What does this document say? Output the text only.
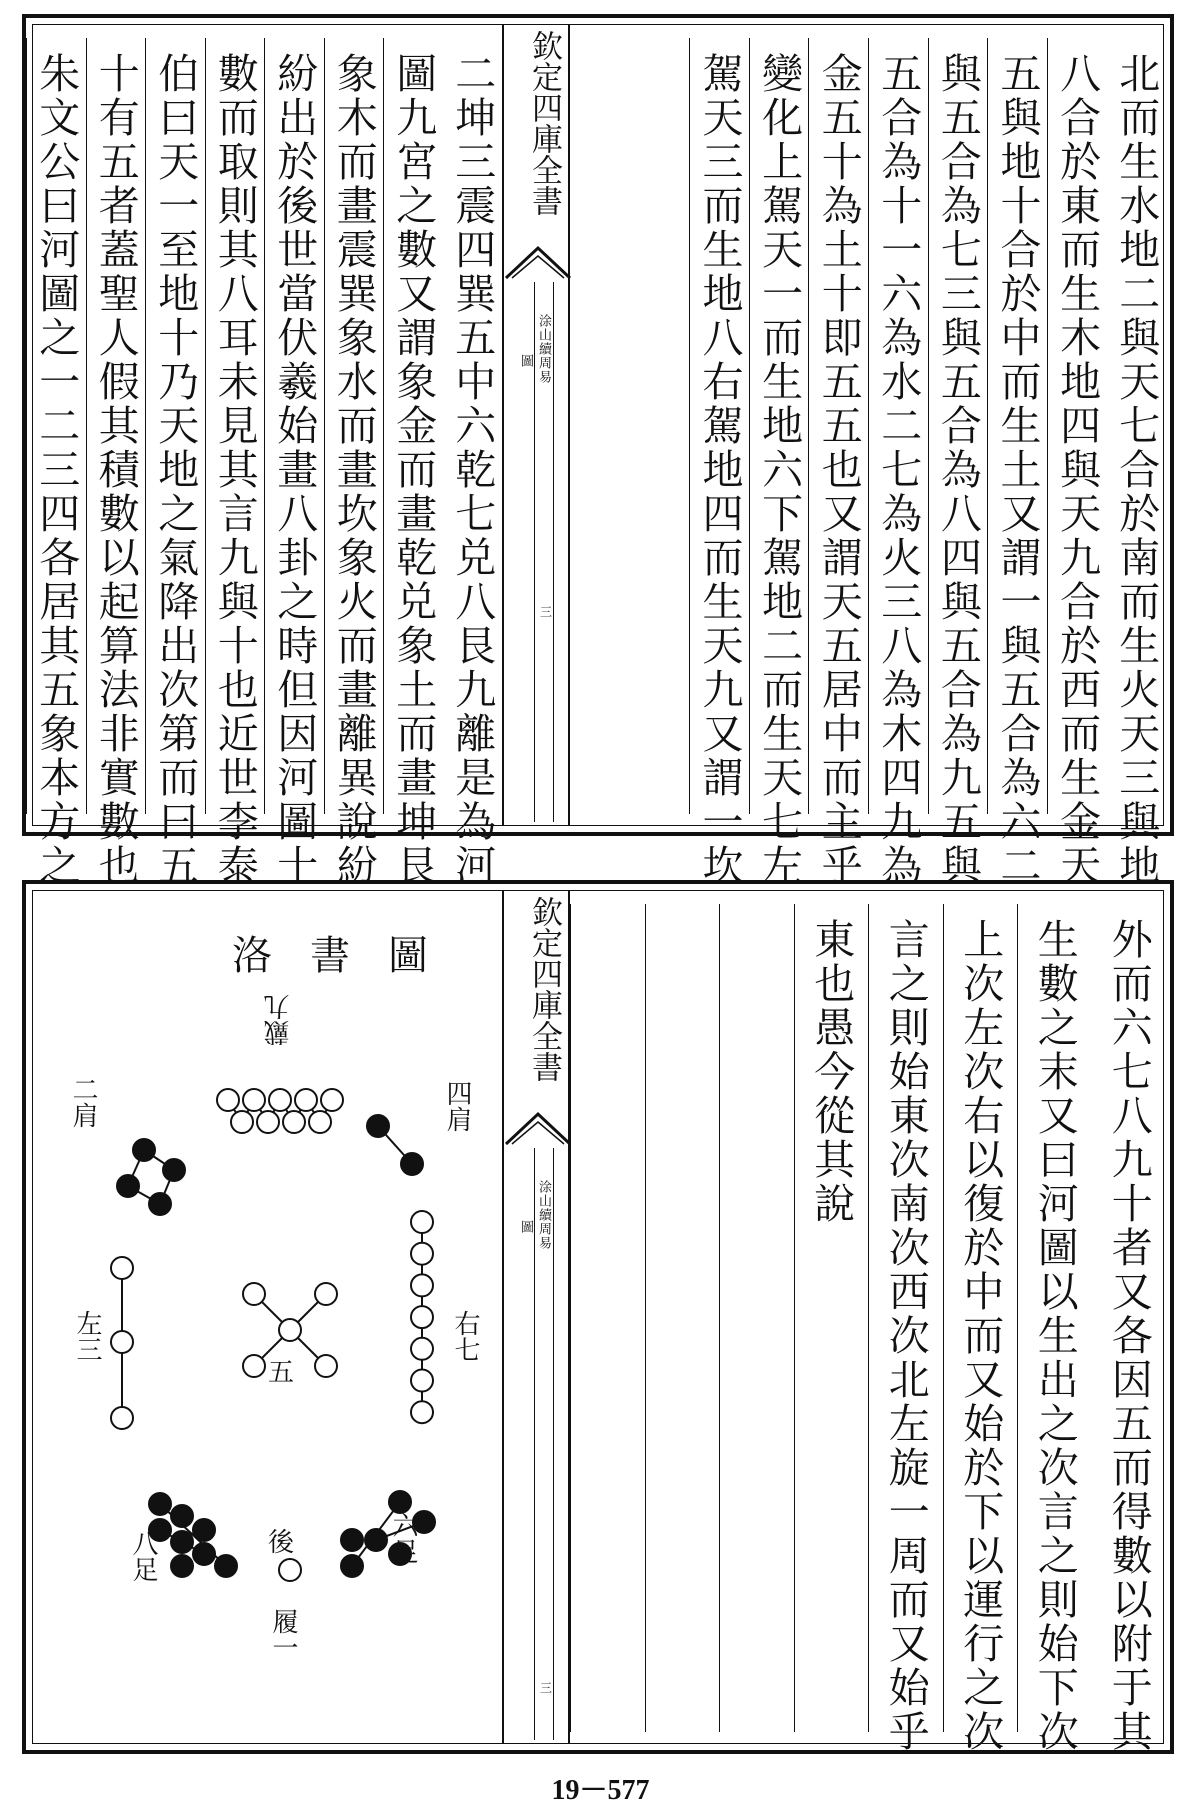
北而生水地二與天七合於南而生火天三與地
八合於東而生木地四與天九合於西而生金天
五與地十合於中而生土又謂一與五合為六二
與五合為七三與五合為八四與五合為九五與
五合為十一六為水二七為火三八為木四九為
金五十為土十即五五也又謂天五居中而主乎
變化上駕天一而生地六下駕地二而生天七左
駕天三而生地八右駕地四而生天九又謂一坎
二坤三震四巽五中六乾七兑八艮九離是為河
圖九宮之數又謂象金而畫乾兑象土而畫坤艮
象木而畫震巽象水而畫坎象火而畫離異說紛
紛出於後世當伏羲始畫八卦之時但因河圖十
數而取則其八耳未見其言九與十也近世李泰
伯曰天一至地十乃天地之氣降出次第而曰五
十有五者蓋聖人假其積數以起算法非實數也
朱文公曰河圖之一二三四各居其五象本方之	欽定四庫全書
涂山續周易
圖
三
外而六七八九十者又各因五而得數以附于其
生數之末又曰河圖以生出之次言之則始下次
上次左次右以復於中而又始於下以運行之次
言之則始東次南次西次北左旋一周而又始乎
東也愚今從其說
欽定四庫全書
涂山續周易
圖
三
洛書圖
戴九
四肩
二肩
右七
左三
五
後
履一
六足
八足
19－577
